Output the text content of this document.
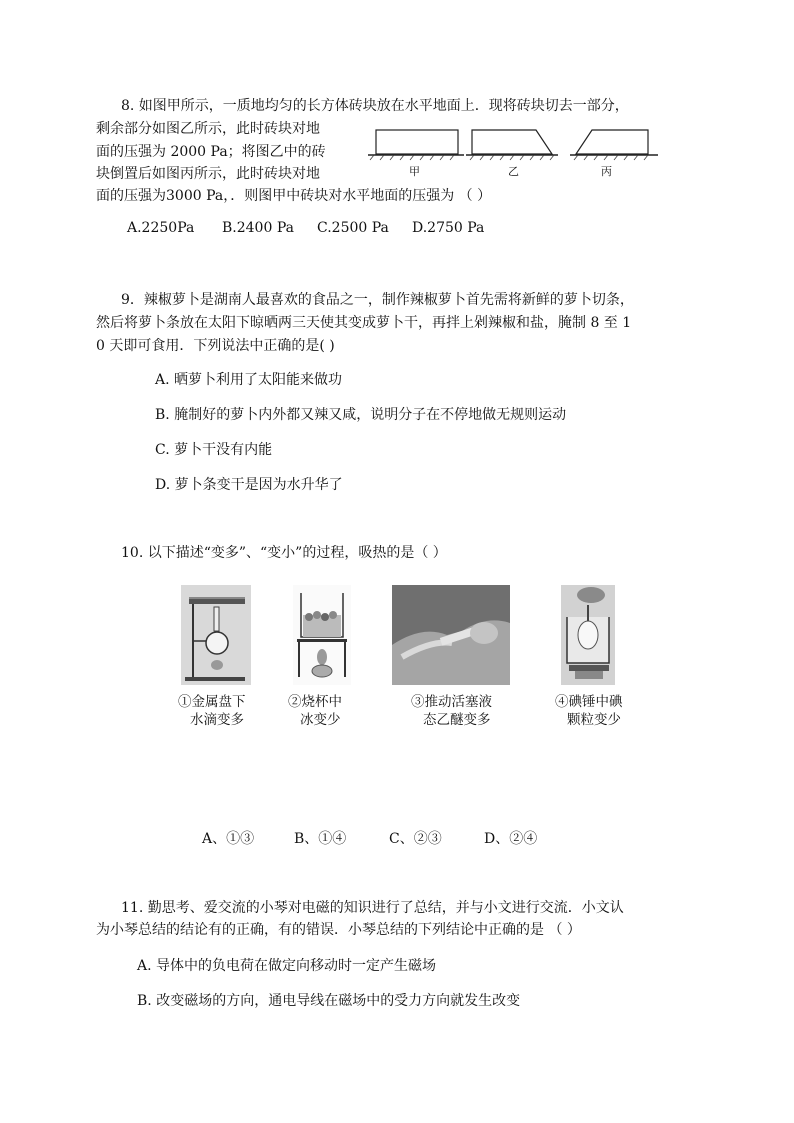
8. 如图甲所示，一质地均匀的长方体砖块放在水平地面上．现将砖块切去一部分，
剩余部分如图乙所示，此时砖块对地
面的压强为 2000 Pa；将图乙中的砖
块倒置后如图丙所示，此时砖块对地
面的压强为3000 Pa，．则图甲中砖块对水平地面的压强为 （ ）
甲	乙	丙
A.2250Pa B.2400 Pa C.2500 Pa D.2750 Pa
9．辣椒萝卜是湖南人最喜欢的食品之一，制作辣椒萝卜首先需将新鲜的萝卜切条，
然后将萝卜条放在太阳下晾晒两三天使其变成萝卜干，再拌上剁辣椒和盐，腌制 8 至 1
0 天即可食用．下列说法中正确的是( )
A. 晒萝卜利用了太阳能来做功
B. 腌制好的萝卜内外都又辣又咸，说明分子在不停地做无规则运动
C. 萝卜干没有内能
D. 萝卜条变干是因为水升华了
10. 以下描述“变多”、“变小”的过程，吸热的是（ ）
①金属盘下
水滴变多
②烧杯中
冰变少
③推动活塞液
态乙醚变多
④碘锤中碘
颗粒变少
A、①③	B、①④	C、②③	D、②④
11. 勤思考、爱交流的小琴对电磁的知识进行了总结，并与小文进行交流．小文认
为小琴总结的结论有的正确，有的错误．小琴总结的下列结论中正确的是 （ ）
A. 导体中的负电荷在做定向移动时一定产生磁场
B. 改变磁场的方向，通电导线在磁场中的受力方向就发生改变
